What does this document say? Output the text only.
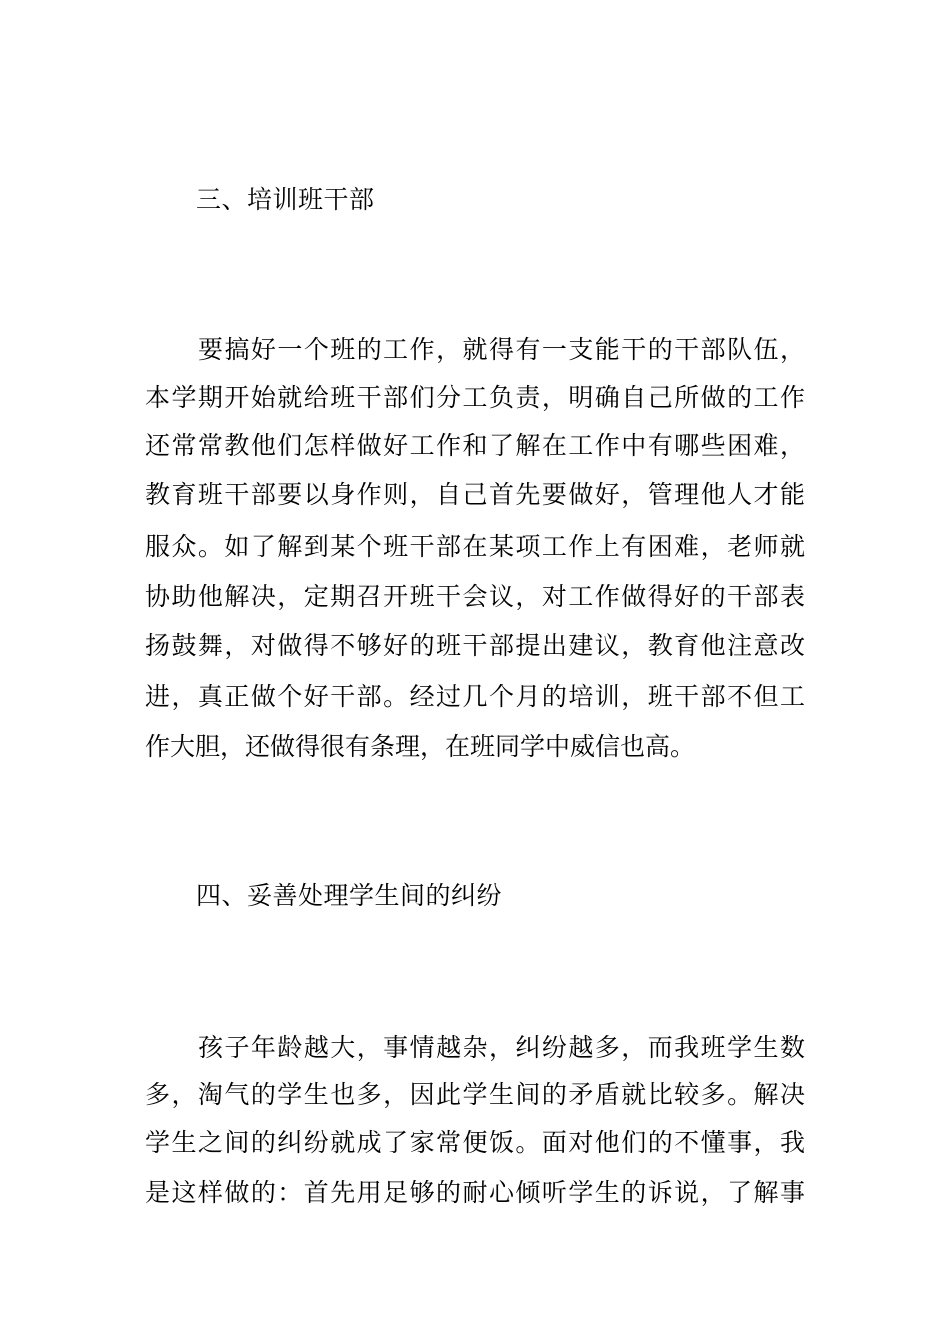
三、培训班干部
要搞好一个班的工作，就得有一支能干的干部队伍，
本学期开始就给班干部们分工负责，明确自己所做的工作
还常常教他们怎样做好工作和了解在工作中有哪些困难，
教育班干部要以身作则，自己首先要做好，管理他人才能
服众。如了解到某个班干部在某项工作上有困难，老师就
协助他解决，定期召开班干会议，对工作做得好的干部表
扬鼓舞，对做得不够好的班干部提出建议，教育他注意改
进，真正做个好干部。经过几个月的培训，班干部不但工
作大胆，还做得很有条理，在班同学中威信也高。
四、妥善处理学生间的纠纷
孩子年龄越大，事情越杂，纠纷越多，而我班学生数
多，淘气的学生也多，因此学生间的矛盾就比较多。解决
学生之间的纠纷就成了家常便饭。面对他们的不懂事，我
是这样做的：首先用足够的耐心倾听学生的诉说，了解事
